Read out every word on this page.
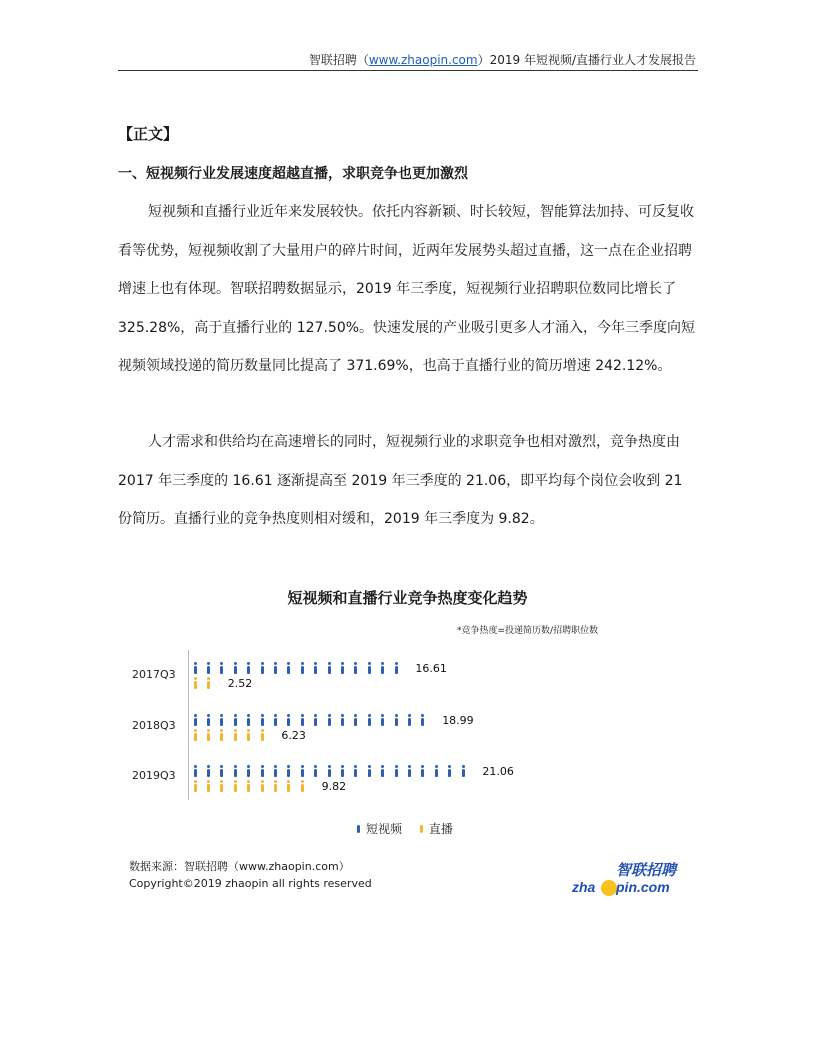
智联招聘（www.zhaopin.com）2019 年短视频/直播行业人才发展报告
【正文】
一、短视频行业发展速度超越直播，求职竞争也更加激烈
短视频和直播行业近年来发展较快。依托内容新颖、时长较短，智能算法加持、可反复收看等优势，短视频收割了大量用户的碎片时间，近两年发展势头超过直播，这一点在企业招聘增速上也有体现。智联招聘数据显示，2019 年三季度，短视频行业招聘职位数同比增长了 325.28%，高于直播行业的 127.50%。快速发展的产业吸引更多人才涌入，今年三季度向短视频领域投递的简历数量同比提高了 371.69%，也高于直播行业的简历增速 242.12%。
人才需求和供给均在高速增长的同时，短视频行业的求职竞争也相对激烈，竞争热度由 2017 年三季度的 16.61 逐渐提高至 2019 年三季度的 21.06，即平均每个岗位会收到 21 份简历。直播行业的竞争热度则相对缓和，2019 年三季度为 9.82。
短视频和直播行业竞争热度变化趋势
*竞争热度=投递简历数/招聘职位数
2017Q3
2018Q3
2019Q3
16.61
2.52
18.99
6.23
21.06
9.82
短视频 直播
数据来源：智联招聘（www.zhaopin.com）
Copyright©2019 zhaopin all rights reserved
智联招聘
zha pin.com
